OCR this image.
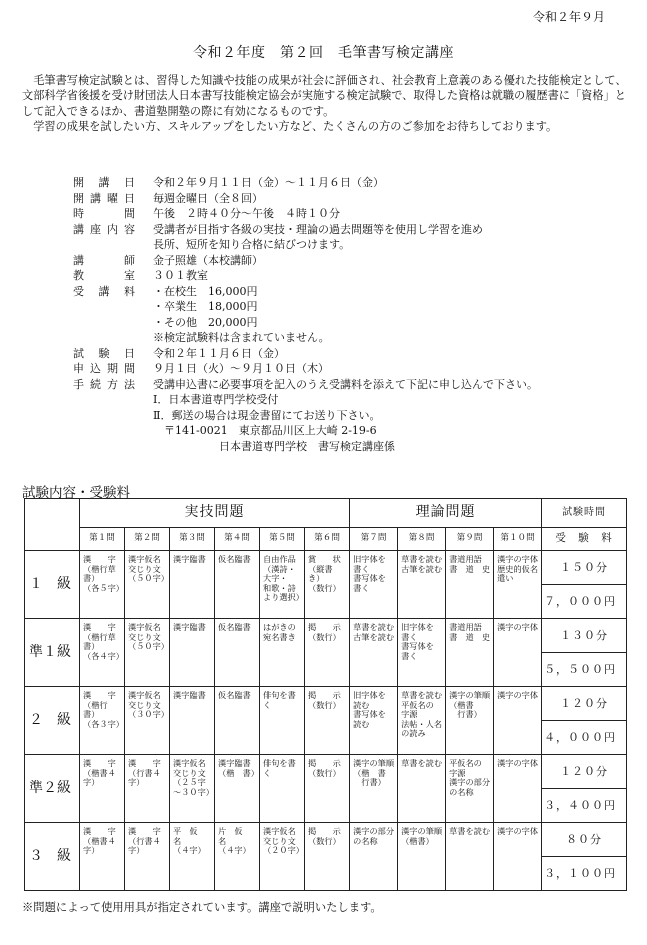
令和２年９月
令和２年度　第２回　毛筆書写検定講座

毛筆書写検定試験とは、習得した知識や技能の成果が社会に評価され、社会教育上意義のある優れた技能検定として、文部科学省後援を受け財団法人日本書写技能検定協会が実施する検定試験で、取得した資格は就職の履歴書に「資格」として記入できるほか、書道塾開塾の際に有効になるものです。

学習の成果を試したい方、スキルアップをしたい方など、たくさんの方のご参加をお待ちしております。

開講日 令和２年９月１１日（金）～１１月６日（金）
開講曜日 毎週金曜日（全８回）
時間 午後　２時４０分～午後　４時１０分
講座内容 受講者が目指す各級の実技・理論の過去問題等を使用し学習を進め
長所、短所を知り合格に結びつけます。
講師 金子照雄（本校講師）
教室 ３０１教室
受講料 ・在校生　16,000円
・卒業生　18,000円
・その他　20,000円
※検定試験料は含まれていません。
試験日 令和２年１１月６日（金）
申込期間 ９月１日（火）～９月１０日（木）
手続方法 受講申込書に必要事項を記入のうえ受講料を添えて下記に申し込んで下さい。
Ⅰ．日本書道専門学校受付
Ⅱ．郵送の場合は現金書留にてお送り下さい。
　〒141-0021　東京都品川区上大崎 2-19-6
　　　　　　日本書道専門学校　書写検定講座係
試験内容・受験料
	実技問題						理論問題				試験時間
	第１問	第２問	第３問	第４問	第５問	第６問	第７問	第８問	第９問	第１０問	受　験　料
１　級	漢　　字
（楷行草書）
（各５字）	漢字仮名
交じり文
（５０字）	漢字臨書	仮名臨書	自由作品
（漢詩・
大字・
和歌・詩
より選択）	賞　　状
（縦書き）
（数行）	旧字体を
書く
書写体を
書く	草書を読む
古筆を読む	書道用語
書　道　史	漢字の字体
歴史的仮名
遣い	１５０分
											７，０００円
準１級	漢　　字
（楷行草書）
（各４字）	漢字仮名
交じり文
（５０字）	漢字臨書	仮名臨書	はがきの
宛名書き	掲　　示
（数行）	草書を読む
古筆を読む	旧字体を
書く
書写体を
書く	書道用語
書　道　史	漢字の字体	１３０分
											５，５００円
２　級	漢　　字
（楷行書）
（各３字）	漢字仮名
交じり文
（３０字）	漢字臨書	仮名臨書	俳句を書く	掲　　示
（数行）	旧字体を
読む
書写体を
読む	草書を読む
平仮名の
字源
法帖・人名
の読み	漢字の筆順
（楷書
　行書）	漢字の字体	１２０分
											４，０００円
準２級	漢　　字
（楷書４字）	漢　　字
（行書４字）	漢字仮名
交じり文
（２５字
～３０字）	漢字臨書
（楷　書）	俳句を書く	掲　　示
（数行）	漢字の筆順
（楷　書
　行書）	草書を読む	平仮名の
字源
漢字の部分
の名称	漢字の字体	１２０分
											３，４００円
３　級	漢　　字
（楷書４字）	漢　　字
（行書４字）	平　仮　名
（４字）	片　仮　名
（４字）	漢字仮名
交じり文
（２０字）	掲　　示
（数行）	漢字の部分
の名称	漢字の筆順
（楷書）	草書を読む	漢字の字体	８０分
											３，１００円
※問題によって使用用具が指定されています。講座で説明いたします。
